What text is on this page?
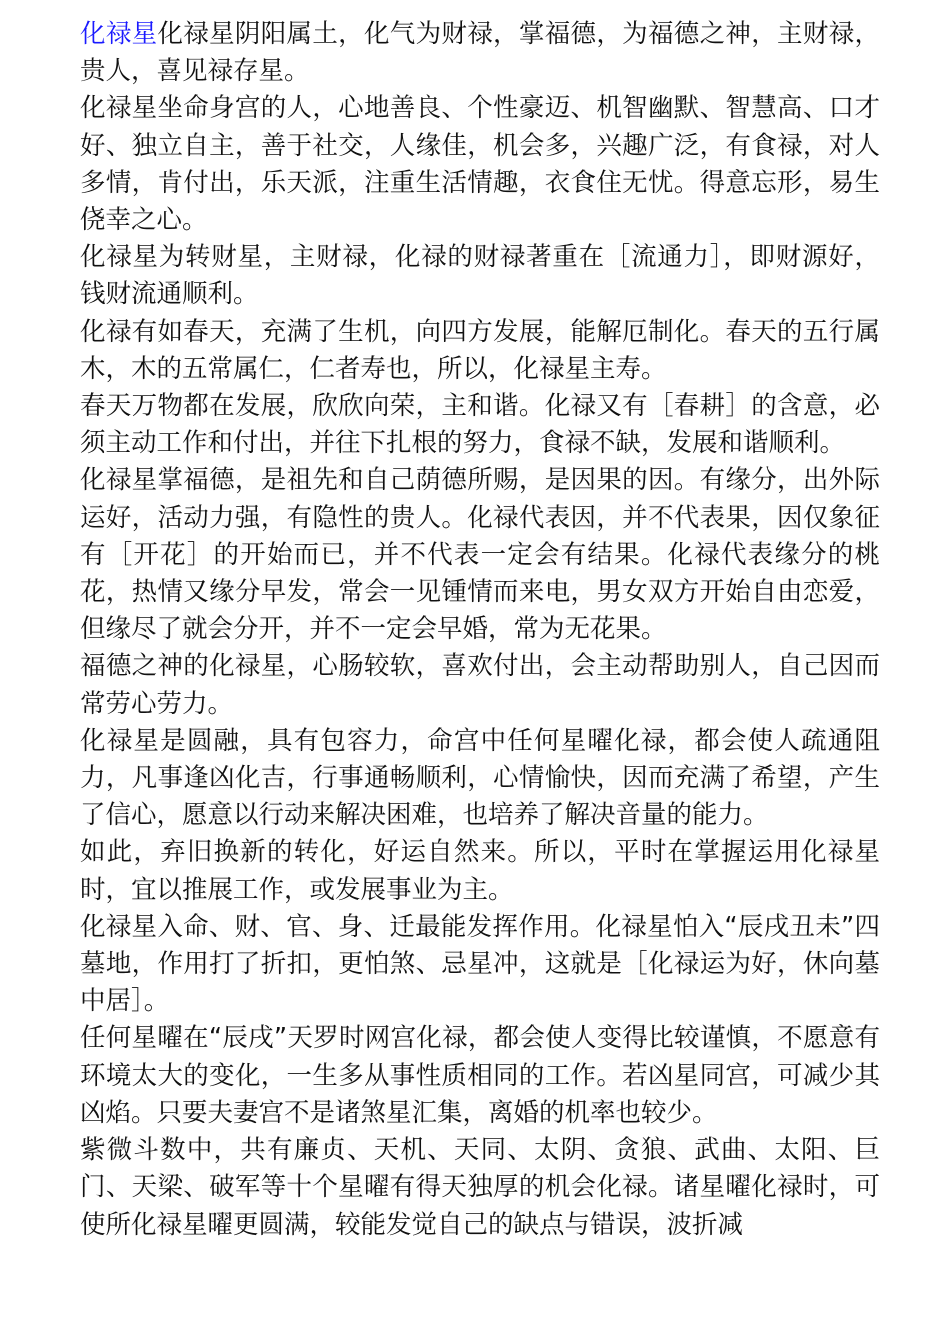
化禄星化禄星阴阳属土，化气为财禄，掌福德，为福德之神，主财禄，贵人，喜见禄存星。

化禄星坐命身宫的人，心地善良、个性豪迈、机智幽默、智慧高、口才好、独立自主，善于社交，人缘佳，机会多，兴趣广泛，有食禄，对人多情，肯付出，乐天派，注重生活情趣，衣食住无忧。得意忘形，易生侥幸之心。

化禄星为转财星，主财禄，化禄的财禄著重在［流通力］，即财源好，钱财流通顺利。

化禄有如春天，充满了生机，向四方发展，能解厄制化。春天的五行属木，木的五常属仁，仁者寿也，所以，化禄星主寿。

春天万物都在发展，欣欣向荣，主和谐。化禄又有［春耕］的含意，必须主动工作和付出，并往下扎根的努力，食禄不缺，发展和谐顺利。

化禄星掌福德，是祖先和自己荫德所赐，是因果的因。有缘分，出外际运好，活动力强，有隐性的贵人。化禄代表因，并不代表果，因仅象征有［开花］的开始而已，并不代表一定会有结果。化禄代表缘分的桃花，热情又缘分早发，常会一见锺情而来电，男女双方开始自由恋爱，但缘尽了就会分开，并不一定会早婚，常为无花果。

福德之神的化禄星，心肠较软，喜欢付出，会主动帮助别人，自己因而常劳心劳力。

化禄星是圆融，具有包容力，命宫中任何星曜化禄，都会使人疏通阻力，凡事逢凶化吉，行事通畅顺利，心情愉快，因而充满了希望，产生了信心，愿意以行动来解决困难，也培养了解决音量的能力。

如此，弃旧换新的转化，好运自然来。所以，平时在掌握运用化禄星时，宜以推展工作，或发展事业为主。

化禄星入命、财、官、身、迁最能发挥作用。化禄星怕入“辰戌丑未”四墓地，作用打了折扣，更怕煞、忌星冲，这就是［化禄运为好，休向墓中居］。

任何星曜在“辰戌”天罗时网宫化禄，都会使人变得比较谨慎，不愿意有环境太大的变化，一生多从事性质相同的工作。若凶星同宫，可减少其凶焰。只要夫妻宫不是诸煞星汇集，离婚的机率也较少。

紫微斗数中，共有廉贞、天机、天同、太阴、贪狼、武曲、太阳、巨门、天梁、破军等十个星曜有得天独厚的机会化禄。诸星曜化禄时，可使所化禄星曜更圆满，较能发觉自己的缺点与错误，波折减
